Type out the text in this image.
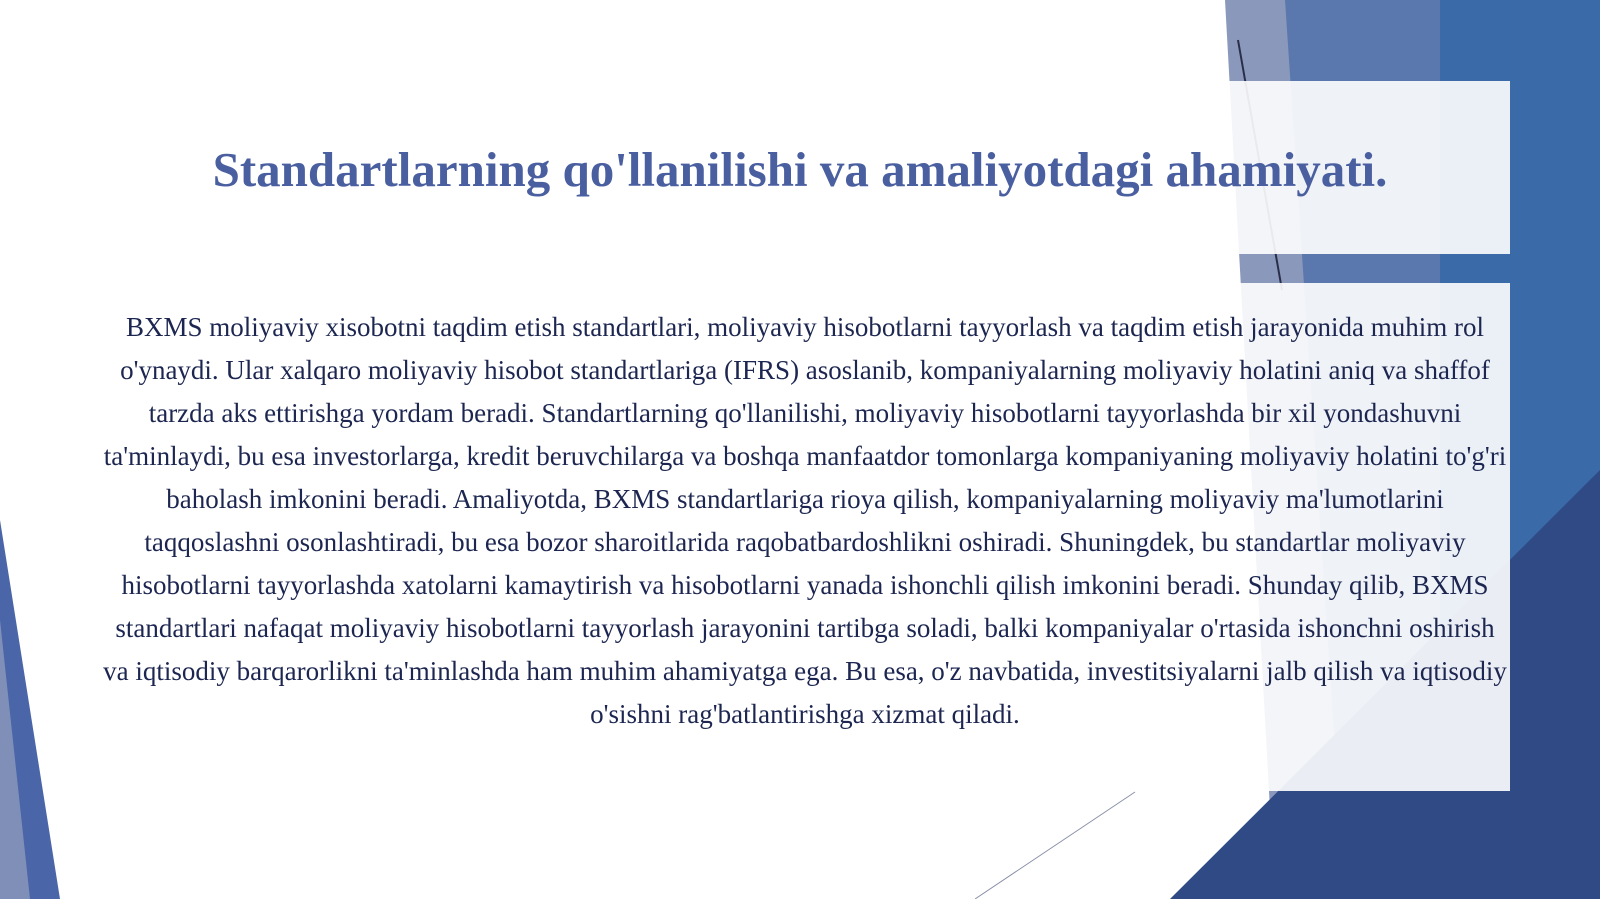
Standartlarning qo'llanilishi va amaliyotdagi ahamiyati.

BXMS moliyaviy xisobotni taqdim etish standartlari, moliyaviy hisobotlarni tayyorlash va taqdim etish jarayonida muhim rol o'ynaydi. Ular xalqaro moliyaviy hisobot standartlariga (IFRS) asoslanib, kompaniyalarning moliyaviy holatini aniq va shaffof tarzda aks ettirishga yordam beradi. Standartlarning qo'llanilishi, moliyaviy hisobotlarni tayyorlashda bir xil yondashuvni ta'minlaydi, bu esa investorlarga, kredit beruvchilarga va boshqa manfaatdor tomonlarga kompaniyaning moliyaviy holatini to'g'ri baholash imkonini beradi. Amaliyotda, BXMS standartlariga rioya qilish, kompaniyalarning moliyaviy ma'lumotlarini taqqoslashni osonlashtiradi, bu esa bozor sharoitlarida raqobatbardoshlikni oshiradi. Shuningdek, bu standartlar moliyaviy hisobotlarni tayyorlashda xatolarni kamaytirish va hisobotlarni yanada ishonchli qilish imkonini beradi. Shunday qilib, BXMS standartlari nafaqat moliyaviy hisobotlarni tayyorlash jarayonini tartibga soladi, balki kompaniyalar o'rtasida ishonchni oshirish va iqtisodiy barqarorlikni ta'minlashda ham muhim ahamiyatga ega. Bu esa, o'z navbatida, investitsiyalarni jalb qilish va iqtisodiy o'sishni rag'batlantirishga xizmat qiladi.
